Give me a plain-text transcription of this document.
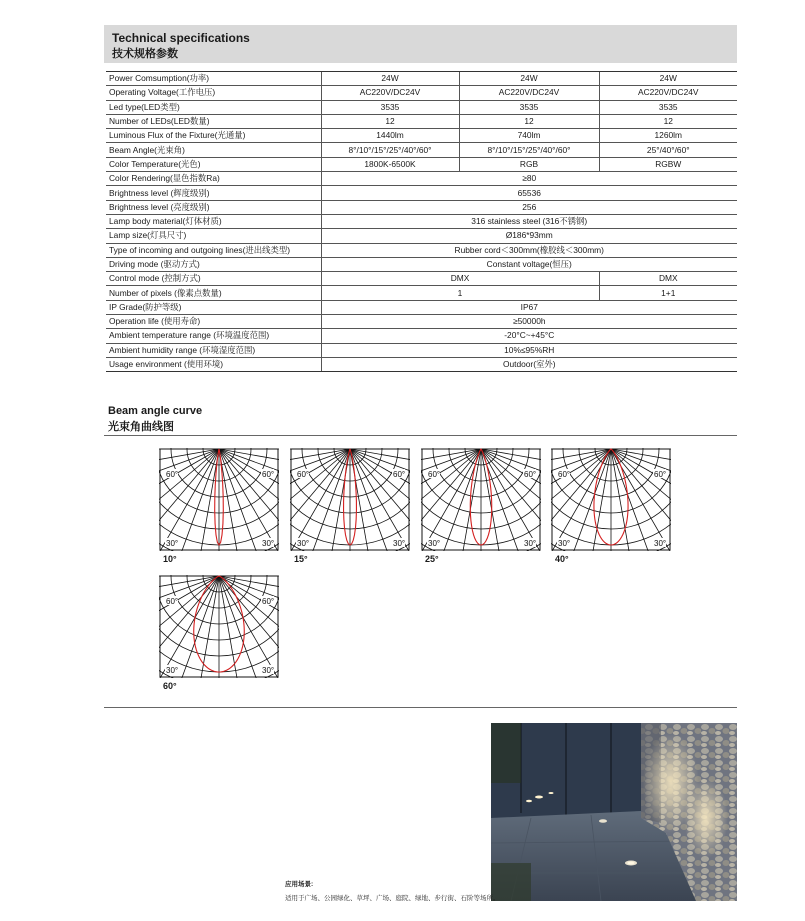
Technical specifications
技术规格参数
Power Comsumption(功率)	24W	24W	24W
Operating Voltage(工作电压)	AC220V/DC24V	AC220V/DC24V	AC220V/DC24V
Led type(LED类型)	3535	3535	3535
Number of LEDs(LED数量)	12	12	12
Luminous Flux of the Fixture(光通量)	1440lm	740lm	1260lm
Beam Angle(光束角)	8°/10°/15°/25°/40°/60°	8°/10°/15°/25°/40°/60°	25°/40°/60°
Color Temperature(光色)	1800K-6500K	RGB	RGBW
Color Rendering(显色指数Ra)	≥80		
Brightness level (辉度级别)	65536		
Brightness level (亮度级别)	256		
Lamp body material(灯体材质)	316 stainless steel (316不锈钢)		
Lamp size(灯具尺寸)	Ø186*93mm		
Type of incoming and outgoing lines(进出线类型)	Rubber cord＜300mm(橡胶线＜300mm)		
Driving mode (驱动方式)	Constant voltage(恒压)		
Control mode (控制方式)	DMX		DMX
Number of pixels (像素点数量)	1		1+1
IP Grade(防护等级)	IP67		
Operation life (使用寿命)	≥50000h		
Ambient temperature range (环境温度范围)	-20°C~+45°C		
Ambient humidity range (环境湿度范围)	10%≤95%RH		
Usage environment (使用环境)	Outdoor(室外)		
Beam angle curve
光束角曲线图
60°	60°
30°	30°
10°
60°	60°
30°	30°
15°
60°	60°
30°	30°
25°
60°	60°
30°	30°
40°
60°	60°
30°	30°
60°
应用场景:
适用于广场、公园绿化、草坪、广场、庭院、绿地、步行街、石阶等场所。
